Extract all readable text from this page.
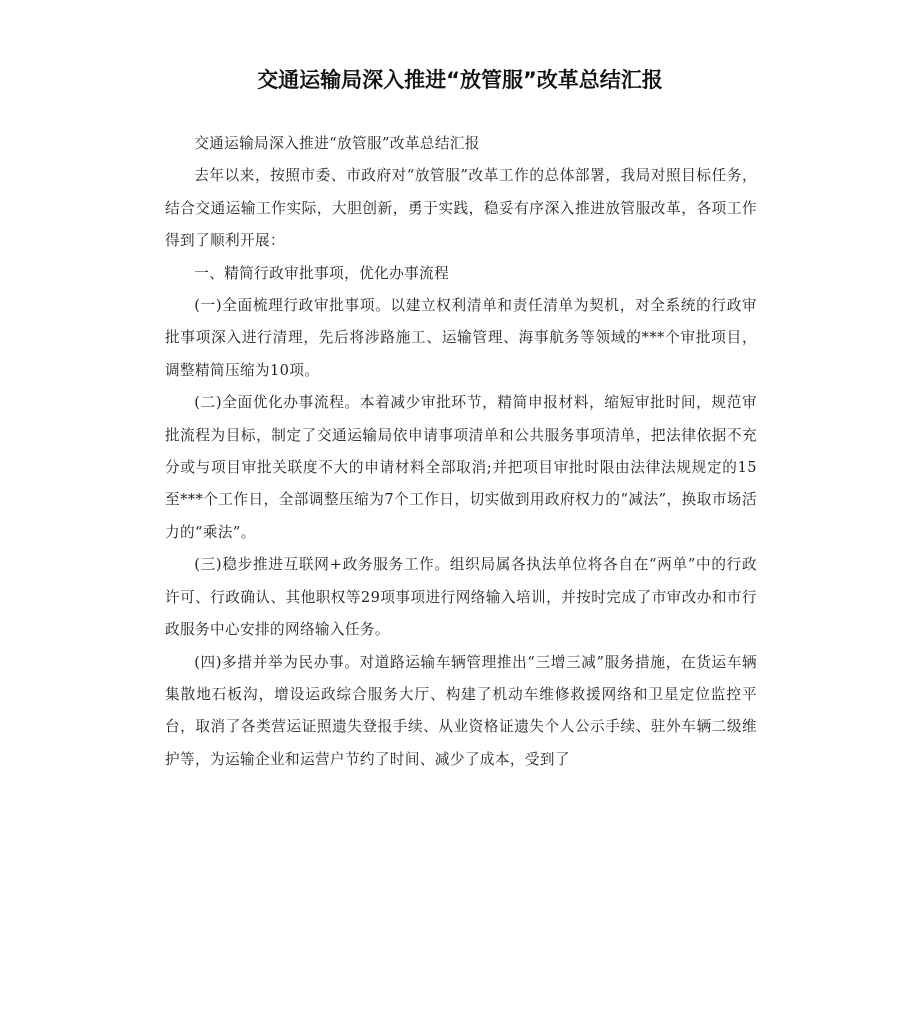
交通运输局深入推进“放管服”改革总结汇报

交通运输局深入推进“放管服”改革总结汇报

去年以来，按照市委、市政府对“放管服”改革工作的总体部署，我局对照目标任务，结合交通运输工作实际，大胆创新，勇于实践，稳妥有序深入推进放管服改革，各项工作得到了顺利开展：

一、精简行政审批事项，优化办事流程

(一)全面梳理行政审批事项。以建立权利清单和责任清单为契机，对全系统的行政审批事项深入进行清理，先后将涉路施工、运输管理、海事航务等领域的***个审批项目，调整精简压缩为10项。

(二)全面优化办事流程。本着减少审批环节，精简申报材料，缩短审批时间，规范审批流程为目标，制定了交通运输局依申请事项清单和公共服务事项清单，把法律依据不充分或与项目审批关联度不大的申请材料全部取消;并把项目审批时限由法律法规规定的15至***个工作日，全部调整压缩为7个工作日，切实做到用政府权力的“减法”，换取市场活力的“乘法”。

(三)稳步推进互联网+政务服务工作。组织局属各执法单位将各自在“两单”中的行政许可、行政确认、其他职权等29项事项进行网络输入培训，并按时完成了市审改办和市行政服务中心安排的网络输入任务。

(四)多措并举为民办事。对道路运输车辆管理推出“三增三减”服务措施，在货运车辆集散地石板沟，增设运政综合服务大厅、构建了机动车维修救援网络和卫星定位监控平台，取消了各类营运证照遗失登报手续、从业资格证遗失个人公示手续、驻外车辆二级维护等，为运输企业和运营户节约了时间、减少了成本，受到了
